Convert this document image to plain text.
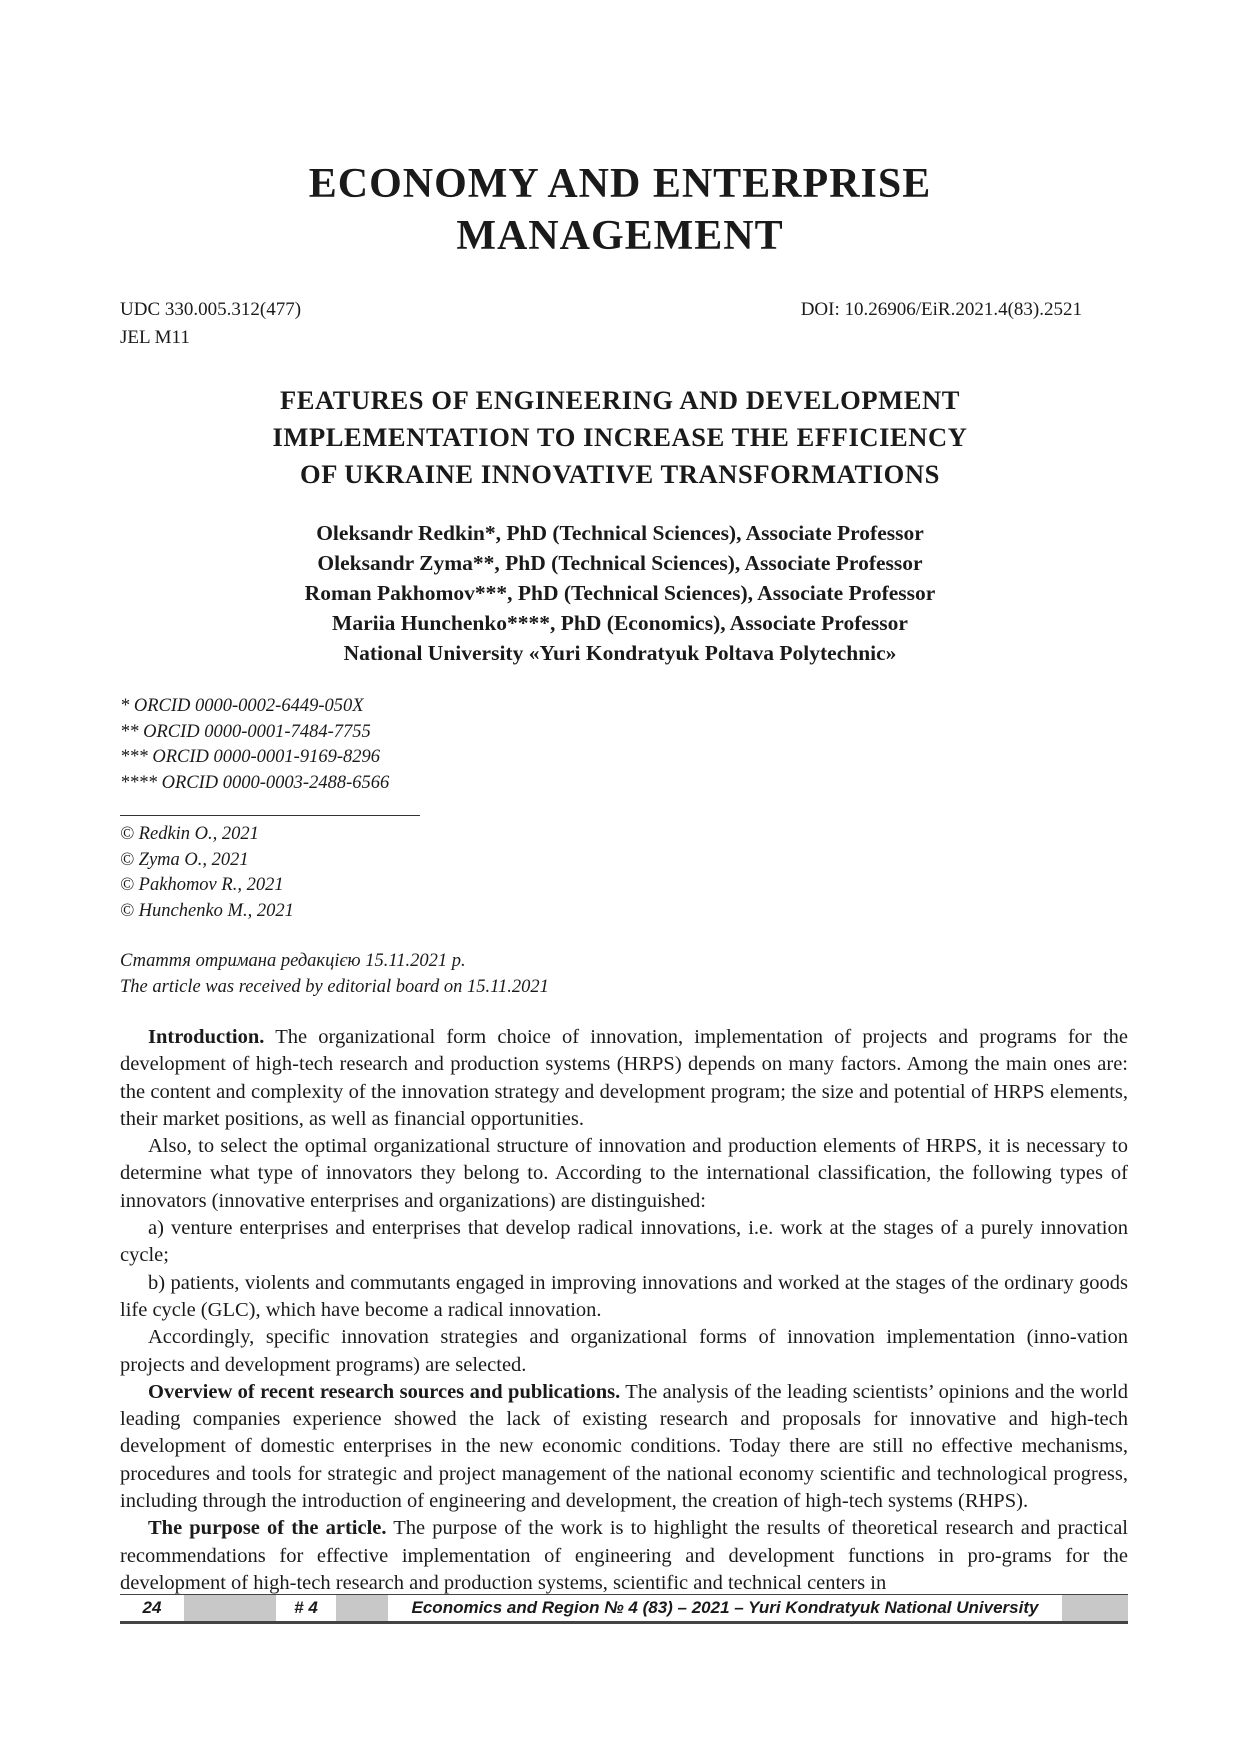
ECONOMY AND ENTERPRISE
MANAGEMENT
UDC 330.005.312(477)
JEL M11
DOI: 10.26906/EiR.2021.4(83).2521
FEATURES OF ENGINEERING AND DEVELOPMENT
IMPLEMENTATION TO INCREASE THE EFFICIENCY
OF UKRAINE INNOVATIVE TRANSFORMATIONS
Oleksandr Redkin*, PhD (Technical Sciences), Associate Professor
Oleksandr Zyma**, PhD (Technical Sciences), Associate Professor
Roman Pakhomov***, PhD (Technical Sciences), Associate Professor
Mariia Hunchenko****, PhD (Economics), Associate Professor
National University «Yuri Kondratyuk Poltava Polytechnic»
* ORCID 0000-0002-6449-050X
** ORCID 0000-0001-7484-7755
*** ORCID 0000-0001-9169-8296
**** ORCID 0000-0003-2488-6566
© Redkin O., 2021
© Zyma O., 2021
© Pakhomov R., 2021
© Hunchenko M., 2021
Стаття отримана редакцією 15.11.2021 р.
The article was received by editorial board on 15.11.2021

Introduction. The organizational form choice of innovation, implementation of projects and programs for the development of high-tech research and production systems (HRPS) depends on many factors. Among the main ones are: the content and complexity of the innovation strategy and development program; the size and potential of HRPS elements, their market positions, as well as financial opportunities.

Also, to select the optimal organizational structure of innovation and production elements of HRPS, it is necessary to determine what type of innovators they belong to. According to the international classification, the following types of innovators (innovative enterprises and organizations) are distinguished:

a) venture enterprises and enterprises that develop radical innovations, i.e. work at the stages of a purely innovation cycle;

b) patients, violents and commutants engaged in improving innovations and worked at the stages of the ordinary goods life cycle (GLC), which have become a radical innovation.

Accordingly, specific innovation strategies and organizational forms of innovation implementation (inno-vation projects and development programs) are selected.

Overview of recent research sources and publications. The analysis of the leading scientists’ opinions and the world leading companies experience showed the lack of existing research and proposals for innovative and high-tech development of domestic enterprises in the new economic conditions. Today there are still no effective mechanisms, procedures and tools for strategic and project management of the national economy scientific and technological progress, including through the introduction of engineering and development, the creation of high-tech systems (RHPS).

The purpose of the article. The purpose of the work is to highlight the results of theoretical research and practical recommendations for effective implementation of engineering and development functions in pro-grams for the development of high-tech research and production systems, scientific and technical centers in

24	# 4	Economics and Region № 4 (83) – 2021 – Yuri Kondratyuk National University
